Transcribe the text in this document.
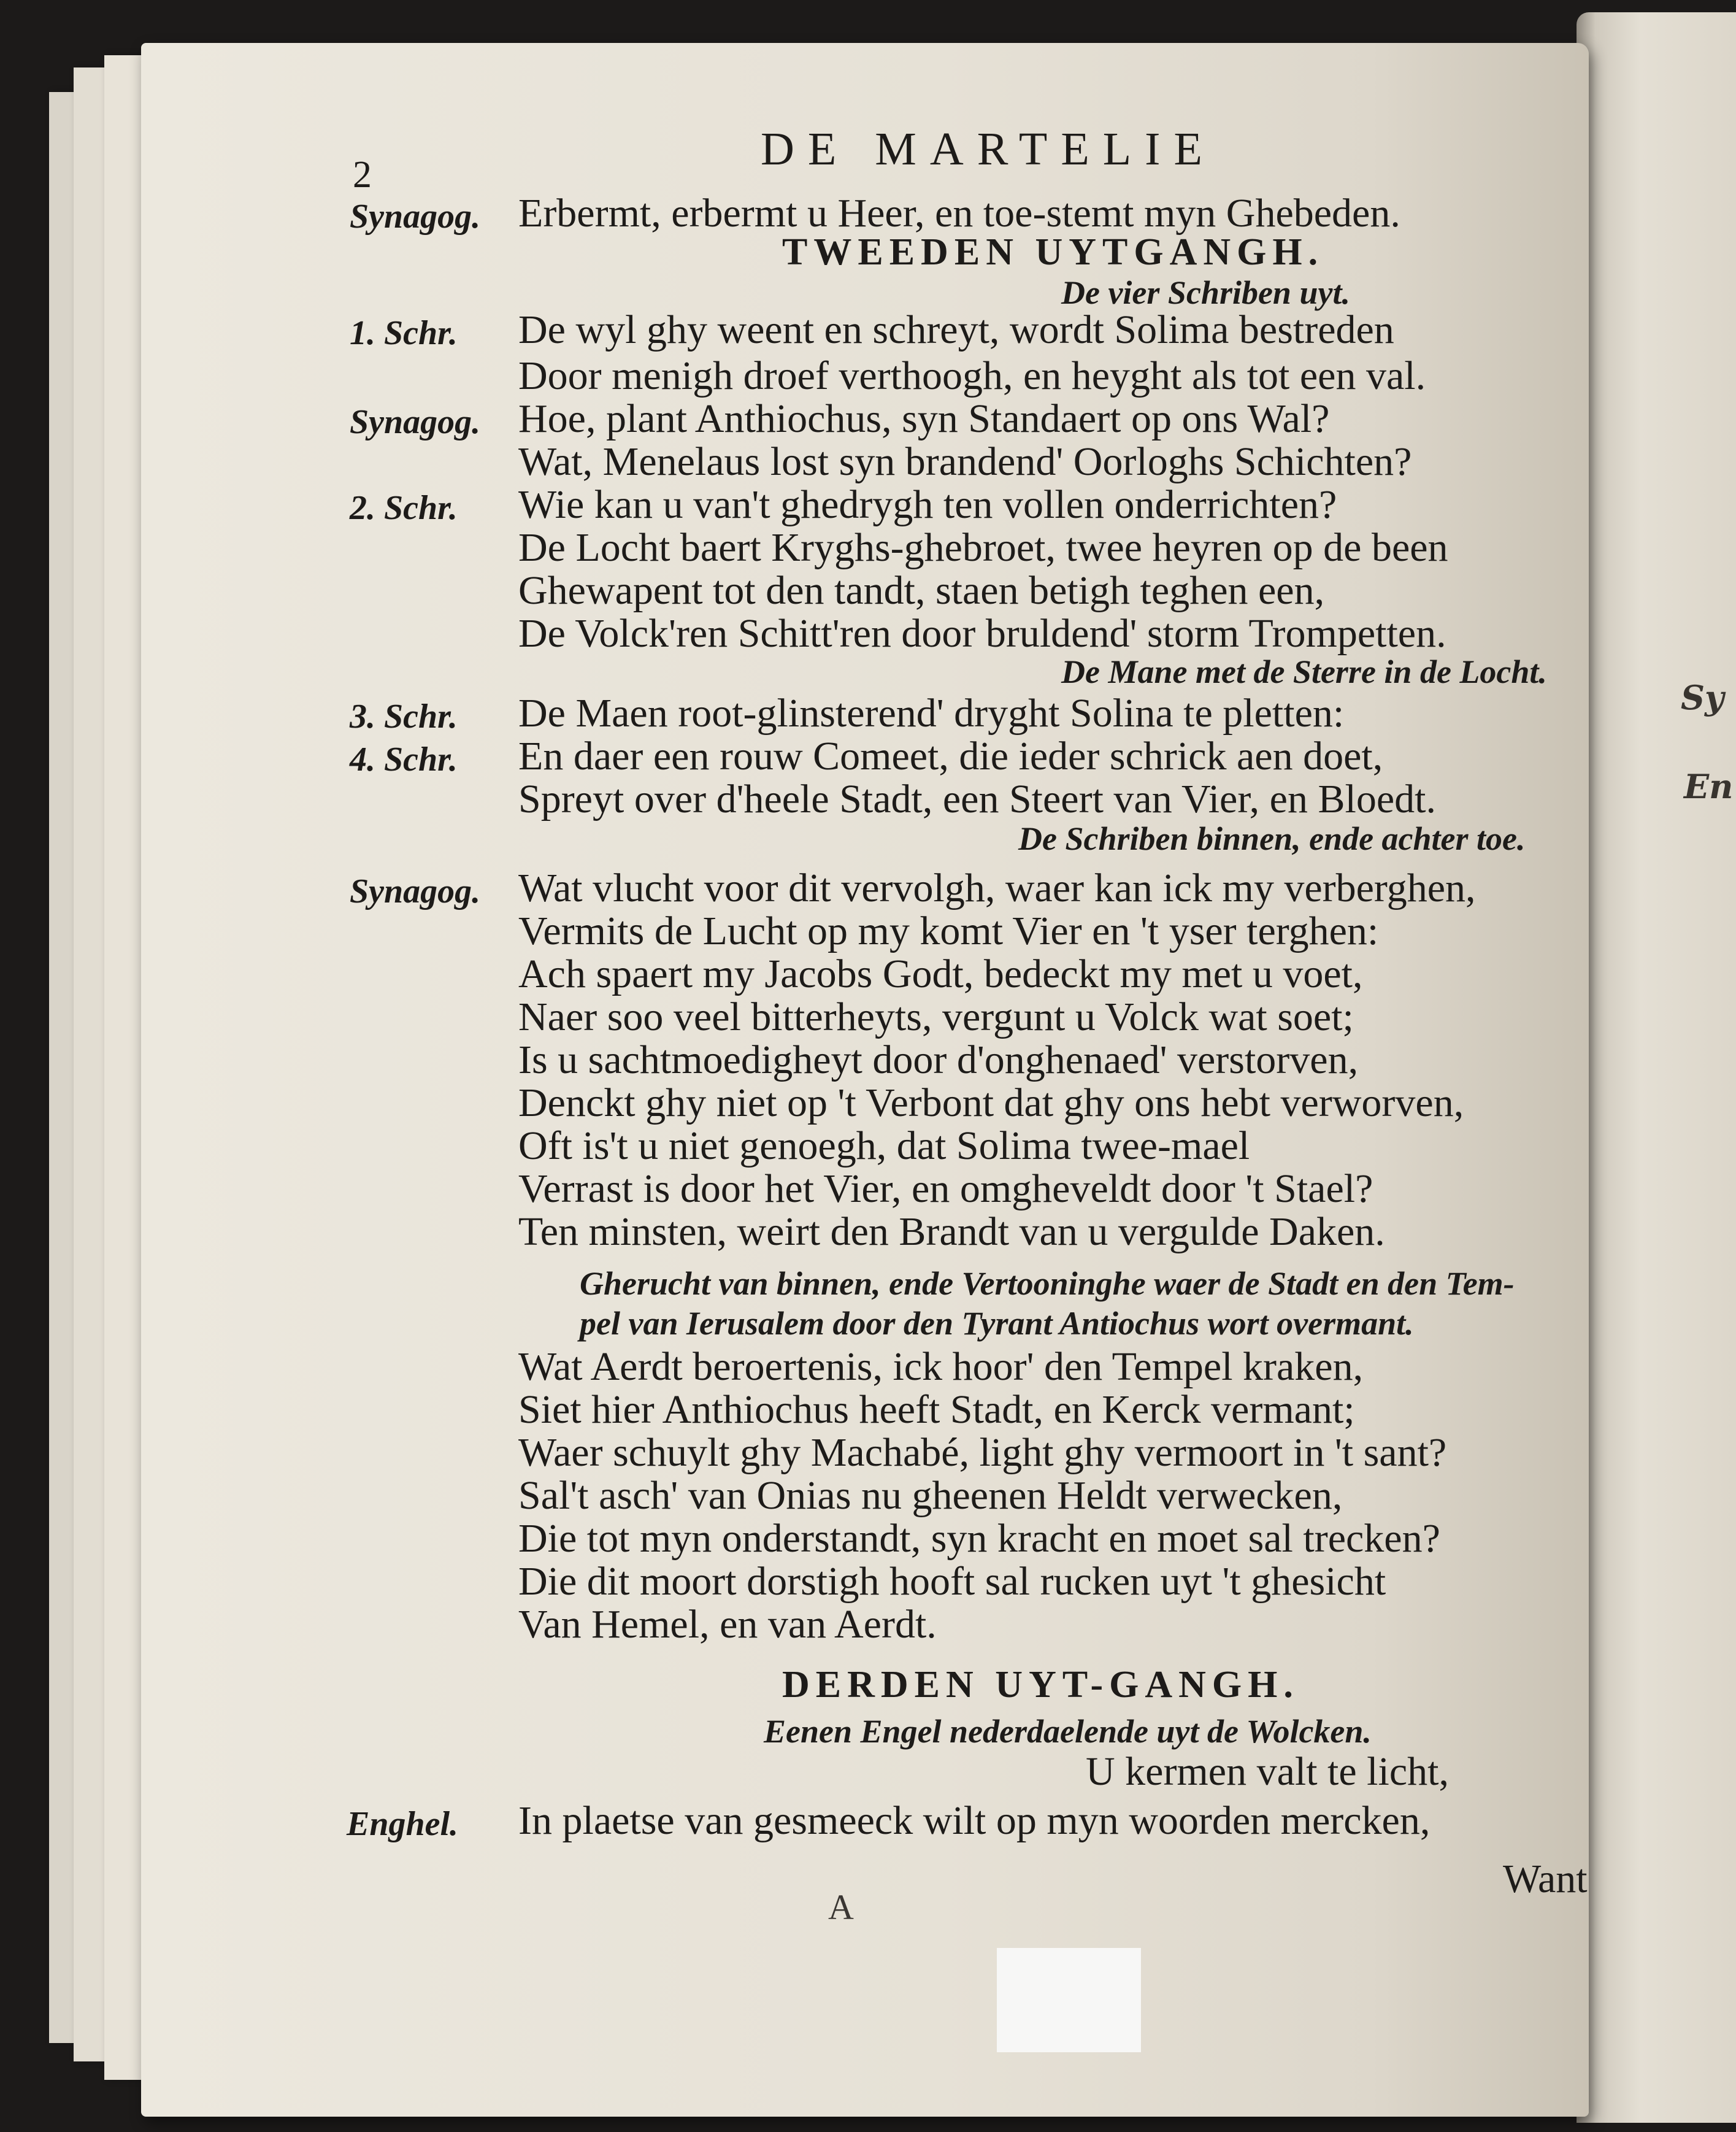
Sy
En
2	DE MARTELIE
Synagog. Erbermt, erbermt u Heer, en toe-stemt myn Ghebeden.
TWEEDEN UYTGANGH.
De vier Schriben uyt.
1. Schr. De wyl ghy weent en schreyt, wordt Solima bestreden
Door menigh droef verthoogh, en heyght als tot een val.
Synagog. Hoe, plant Anthiochus, syn Standaert op ons Wal?
Wat, Menelaus lost syn brandend' Oorloghs Schichten?
2. Schr. Wie kan u van't ghedrygh ten vollen onderrichten?
De Locht baert Kryghs-ghebroet, twee heyren op de been
Ghewapent tot den tandt, staen betigh teghen een,
De Volck'ren Schitt'ren door bruldend' storm Trompetten.
De Mane met de Sterre in de Locht.
3. Schr. De Maen root-glinsterend' dryght Solina te pletten:
4. Schr. En daer een rouw Comeet, die ieder schrick aen doet,
Spreyt over d'heele Stadt, een Steert van Vier, en Bloedt.
De Schriben binnen, ende achter toe.
Synagog. Wat vlucht voor dit vervolgh, waer kan ick my verberghen,
Vermits de Lucht op my komt Vier en 't yser terghen:
Ach spaert my Jacobs Godt, bedeckt my met u voet,
Naer soo veel bitterheyts, vergunt u Volck wat soet;
Is u sachtmoedigheyt door d'onghenaed' verstorven,
Denckt ghy niet op 't Verbont dat ghy ons hebt verworven,
Oft is't u niet genoegh, dat Solima twee-mael
Verrast is door het Vier, en omgheveldt door 't Stael?
Ten minsten, weirt den Brandt van u vergulde Daken.
Gherucht van binnen, ende Vertooninghe waer de Stadt en den Tem-
pel van Ierusalem door den Tyrant Antiochus wort overmant.
Wat Aerdt beroertenis, ick hoor' den Tempel kraken,
Siet hier Anthiochus heeft Stadt, en Kerck vermant;
Waer schuylt ghy Machabé, light ghy vermoort in 't sant?
Sal't asch' van Onias nu gheenen Heldt verwecken,
Die tot myn onderstandt, syn kracht en moet sal trecken?
Die dit moort dorstigh hooft sal rucken uyt 't ghesicht
Van Hemel, en van Aerdt.
DERDEN UYT-GANGH.
Eenen Engel nederdaelende uyt de Wolcken.
U kermen valt te licht,
Enghel. In plaetse van gesmeeck wilt op myn woorden mercken,
A
Want
